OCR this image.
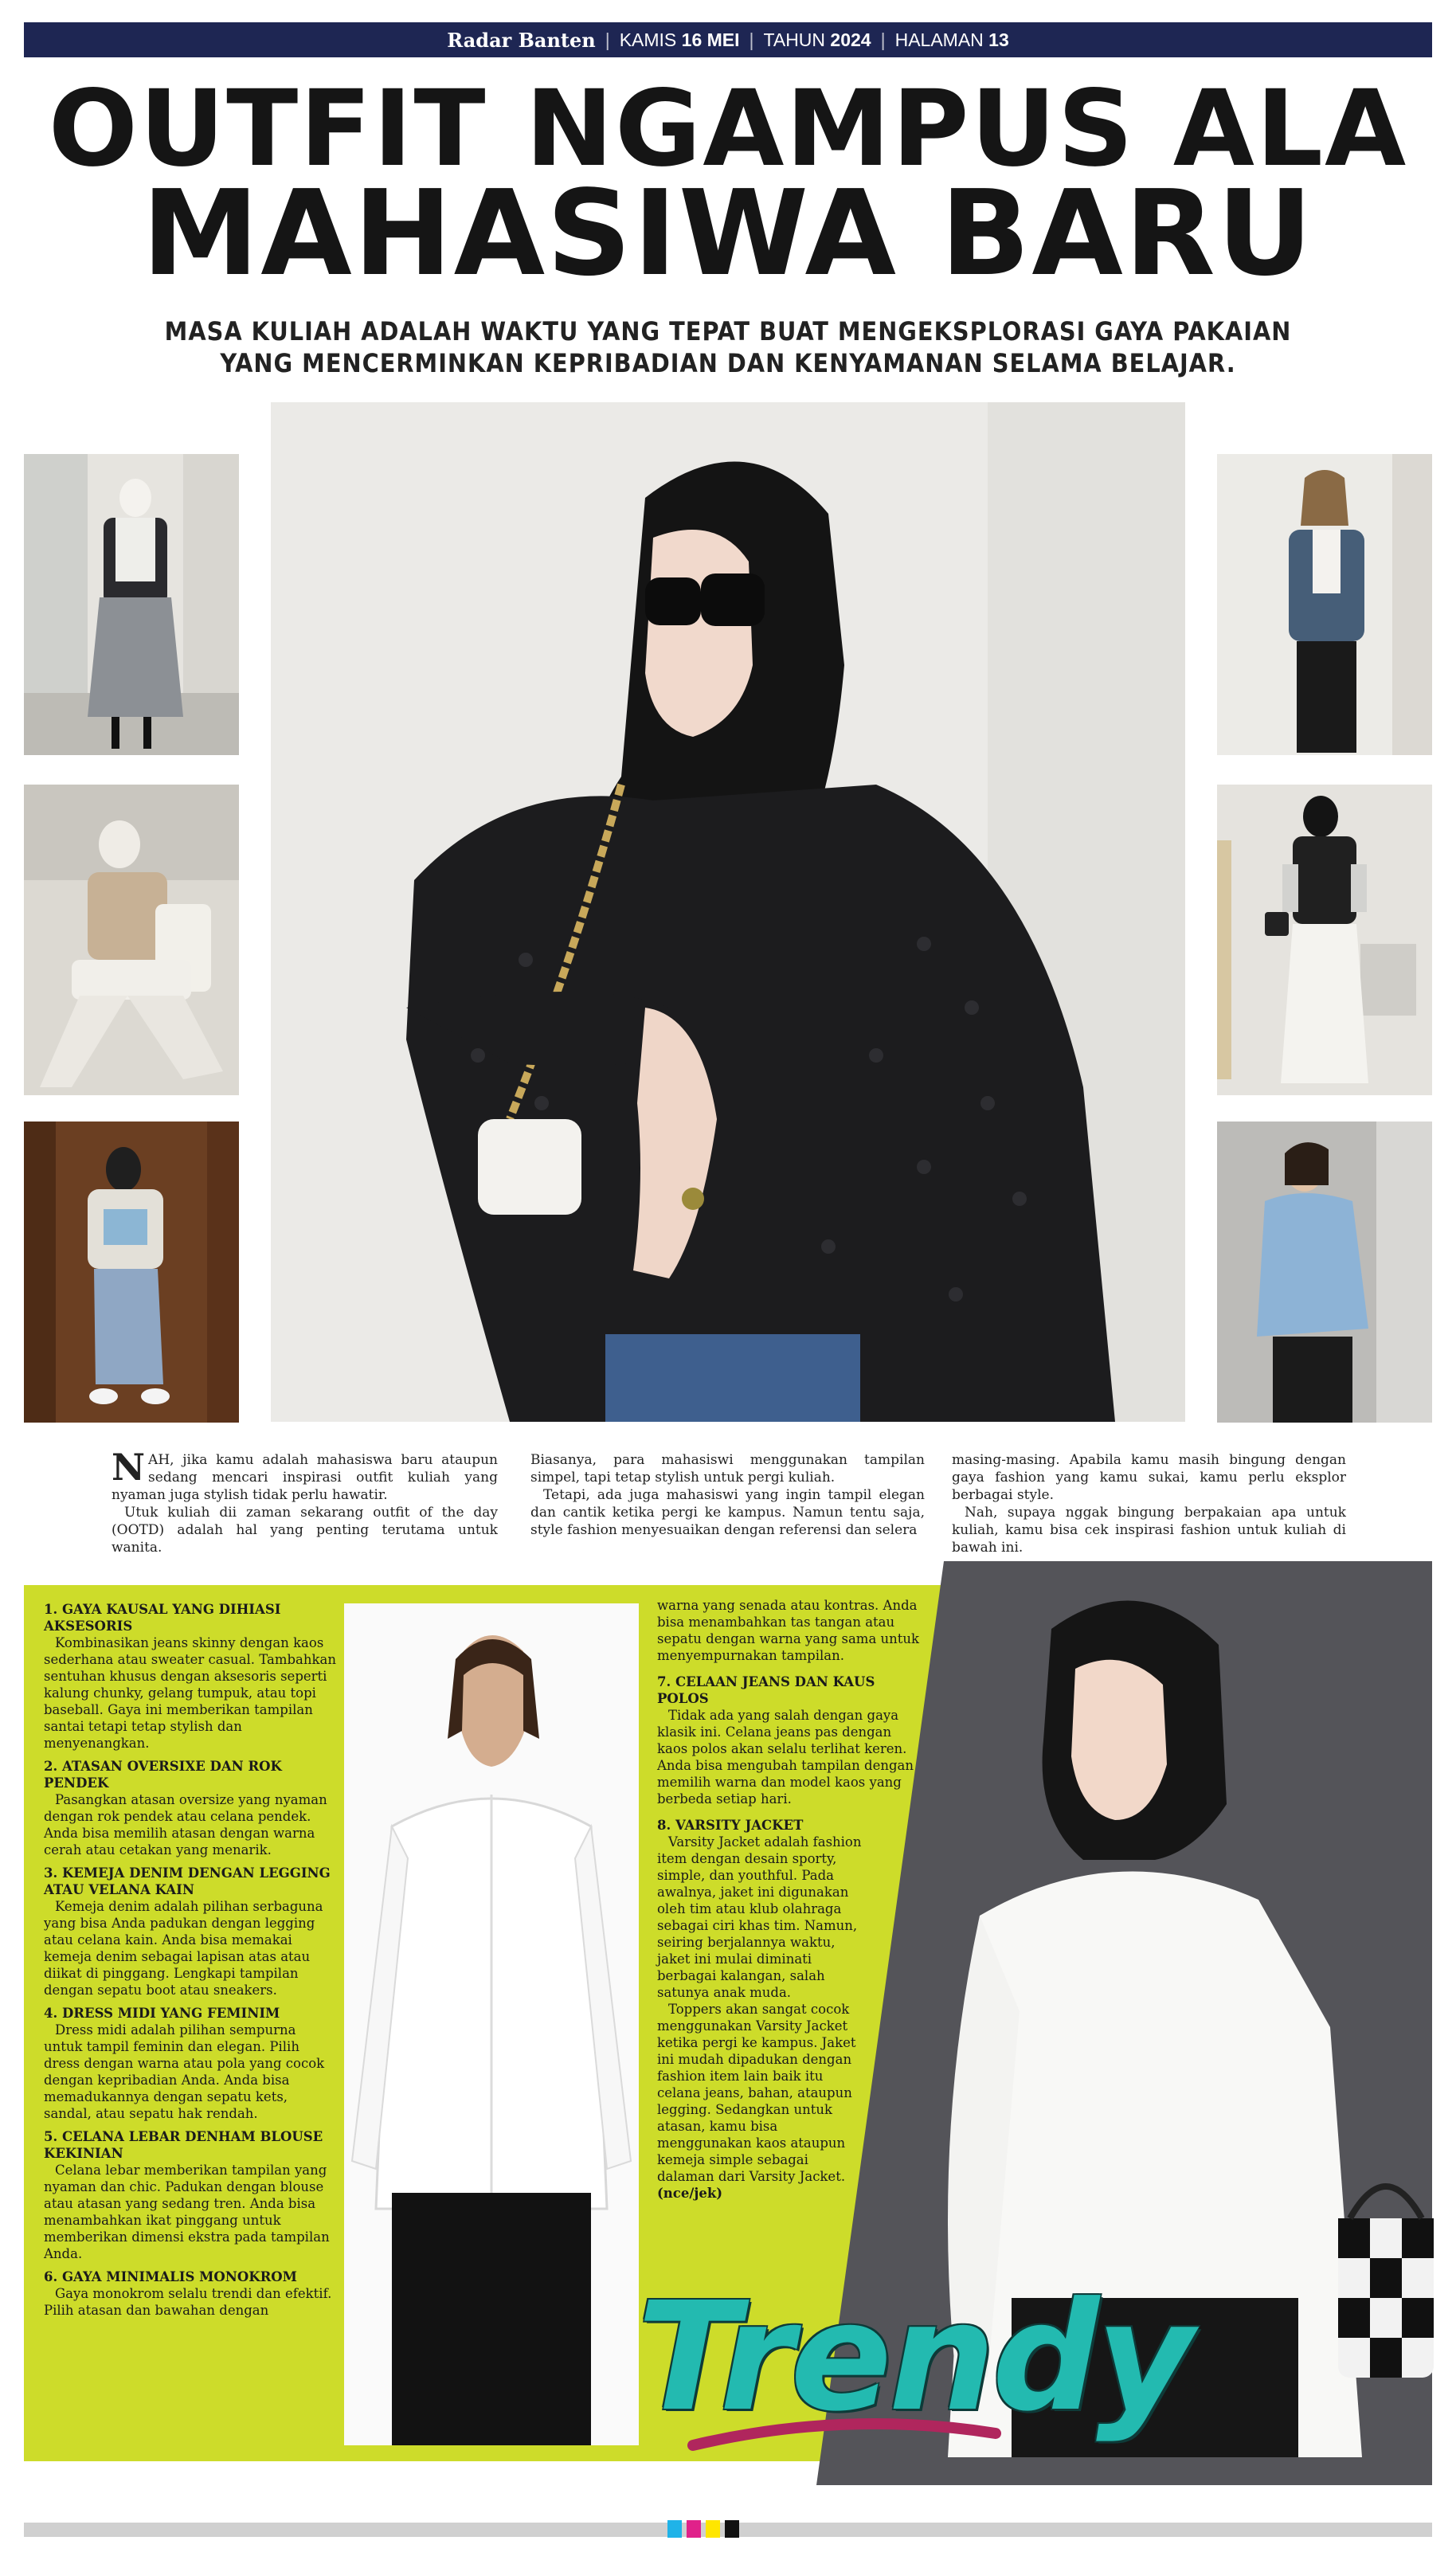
Radar Banten | KAMIS
16 MEI | TAHUN
2024 | HALAMAN
13
OUTFIT NGAMPUS ALA
MAHASIWA BARU
MASA KULIAH ADALAH WAKTU YANG TEPAT BUAT MENGEKSPLORASI GAYA PAKAIAN
YANG MENCERMINKAN KEPRIBADIAN DAN KENYAMANAN SELAMA BELAJAR.

NAH, jika kamu adalah mahasiswa baru ataupun sedang mencari inspirasi outfit kuliah yang nyaman juga stylish tidak perlu hawatir.

Utuk kuliah dii zaman sekarang outfit of the day (OOTD) adalah hal yang penting terutama untuk wanita.

Biasanya, para mahasiswi menggunakan tampilan simpel, tapi tetap stylish untuk pergi kuliah.

Tetapi, ada juga mahasiswi yang ingin tampil elegan dan cantik ketika pergi ke kampus. Namun tentu saja, style fashion menyesuaikan dengan referensi dan selera

masing-masing. Apabila kamu masih bingung dengan gaya fashion yang kamu sukai, kamu perlu eksplor berbagai style.

Nah, supaya nggak bingung berpakaian apa untuk kuliah, kamu bisa cek inspirasi fashion untuk kuliah di bawah ini.

1. GAYA KAUSAL YANG DIHIASI AKSESORIS

Kombinasikan jeans skinny dengan kaos sederhana atau sweater casual. Tambahkan sentuhan khusus dengan aksesoris seperti kalung chunky, gelang tumpuk, atau topi baseball. Gaya ini memberikan tampilan santai tetapi tetap stylish dan menyenangkan.

2. ATASAN OVERSIXE DAN ROK PENDEK

Pasangkan atasan oversize yang nyaman dengan rok pendek atau celana pendek. Anda bisa memilih atasan dengan warna cerah atau cetakan yang menarik.

3. KEMEJA DENIM DENGAN LEGGING ATAU VELANA KAIN

Kemeja denim adalah pilihan serbaguna yang bisa Anda padukan dengan legging atau celana kain. Anda bisa memakai kemeja denim sebagai lapisan atas atau diikat di pinggang. Lengkapi tampilan dengan sepatu boot atau sneakers.

4. DRESS MIDI YANG FEMINIM

Dress midi adalah pilihan sempurna untuk tampil feminin dan elegan. Pilih dress dengan warna atau pola yang cocok dengan kepribadian Anda. Anda bisa memadukannya dengan sepatu kets, sandal, atau sepatu hak rendah.

5. CELANA LEBAR DENHAM BLOUSE KEKINIAN

Celana lebar memberikan tampilan yang nyaman dan chic. Padukan dengan blouse atau atasan yang sedang tren. Anda bisa menambahkan ikat pinggang untuk memberikan dimensi ekstra pada tampilan Anda.

6. GAYA MINIMALIS MONOKROM

Gaya monokrom selalu trendi dan efektif. Pilih atasan dan bawahan dengan

warna yang senada atau kontras. Anda bisa menambahkan tas tangan atau sepatu dengan warna yang sama untuk menyempurnakan tampilan.

7. CELAAN JEANS DAN KAUS POLOS

Tidak ada yang salah dengan gaya klasik ini. Celana jeans pas dengan kaos polos akan selalu terlihat keren. Anda bisa mengubah tampilan dengan memilih warna dan model kaos yang berbeda setiap hari.

8. VARSITY JACKET

Varsity Jacket adalah fashion item dengan desain sporty, simple, dan youthful. Pada awalnya, jaket ini digunakan oleh tim atau klub olahraga sebagai ciri khas tim. Namun, seiring berjalannya waktu, jaket ini mulai diminati berbagai kalangan, salah satunya anak muda.

Toppers akan sangat cocok menggunakan Varsity Jacket ketika pergi ke kampus. Jaket ini mudah dipadukan dengan fashion item lain baik itu celana jeans, bahan, ataupun legging. Sedangkan untuk atasan, kamu bisa menggunakan kaos ataupun kemeja simple sebagai dalaman dari Varsity Jacket. (nce/jek)

Trendy
